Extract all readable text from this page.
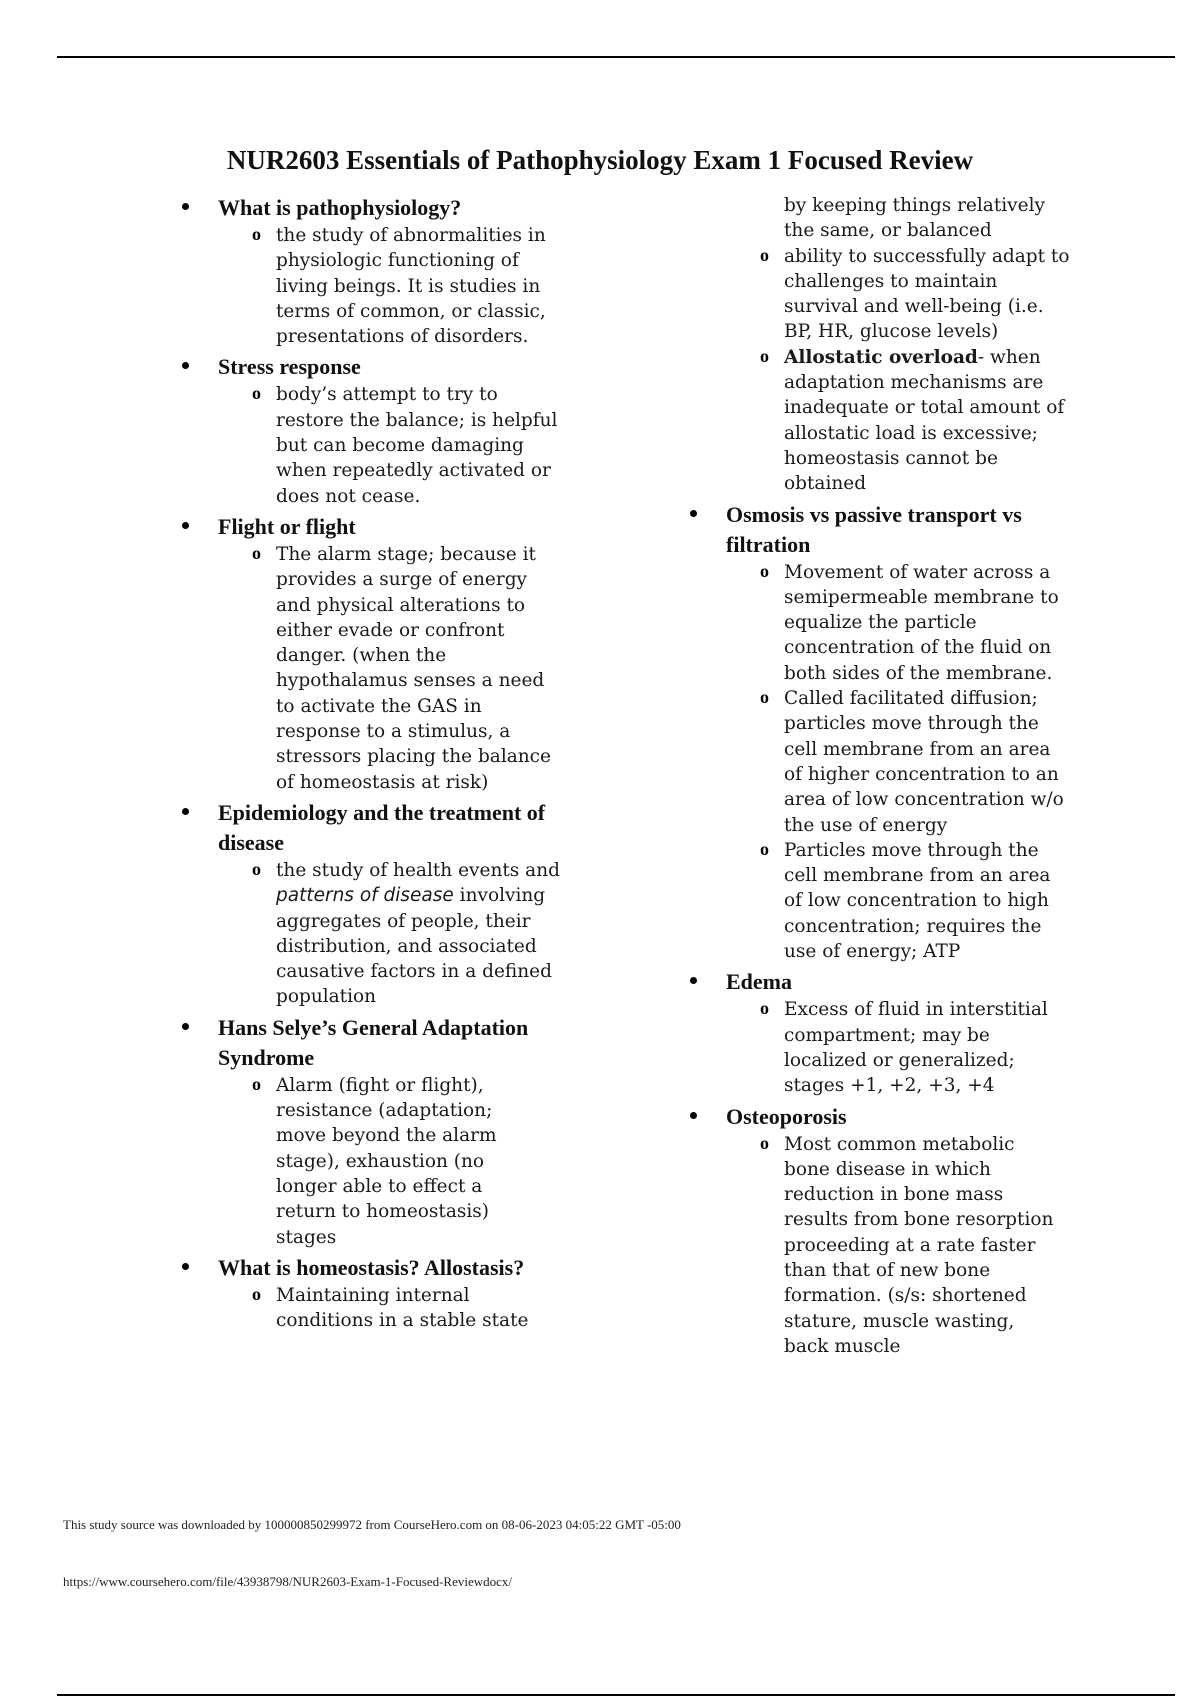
NUR2603 Essentials of Pathophysiology Exam 1 Focused Review
What is pathophysiology?
o the study of abnormalities in physiologic functioning of living beings. It is studies in terms of common, or classic, presentations of disorders.
Stress response
o body’s attempt to try to restore the balance; is helpful but can become damaging when repeatedly activated or does not cease.
Flight or flight
o The alarm stage; because it provides a surge of energy and physical alterations to either evade or confront danger. (when the hypothalamus senses a need to activate the GAS in response to a stimulus, a stressors placing the balance of homeostasis at risk)
Epidemiology and the treatment of disease
o the study of health events and patterns of disease involving aggregates of people, their distribution, and associated causative factors in a defined population
Hans Selye’s General Adaptation Syndrome
o Alarm (fight or flight), resistance (adaptation; move beyond the alarm stage), exhaustion (no longer able to effect a return to homeostasis) stages
What is homeostasis? Allostasis?
o Maintaining internal conditions in a stable state
by keeping things relatively the same, or balanced
o ability to successfully adapt to challenges to maintain survival and well-being (i.e. BP, HR, glucose levels)
o Allostatic overload- when adaptation mechanisms are inadequate or total amount of allostatic load is excessive; homeostasis cannot be obtained
Osmosis vs passive transport vs filtration
o Movement of water across a semipermeable membrane to equalize the particle concentration of the fluid on both sides of the membrane.
o Called facilitated diffusion; particles move through the cell membrane from an area of higher concentration to an area of low concentration w/o the use of energy
o Particles move through the cell membrane from an area of low concentration to high concentration; requires the use of energy; ATP
Edema
o Excess of fluid in interstitial compartment; may be localized or generalized; stages +1, +2, +3, +4
Osteoporosis
o Most common metabolic bone disease in which reduction in bone mass results from bone resorption proceeding at a rate faster than that of new bone formation. (s/s: shortened stature, muscle wasting, back muscle
This study source was downloaded by 100000850299972 from CourseHero.com on 08-06-2023 04:05:22 GMT -05:00
https://www.coursehero.com/file/43938798/NUR2603-Exam-1-Focused-Reviewdocx/
